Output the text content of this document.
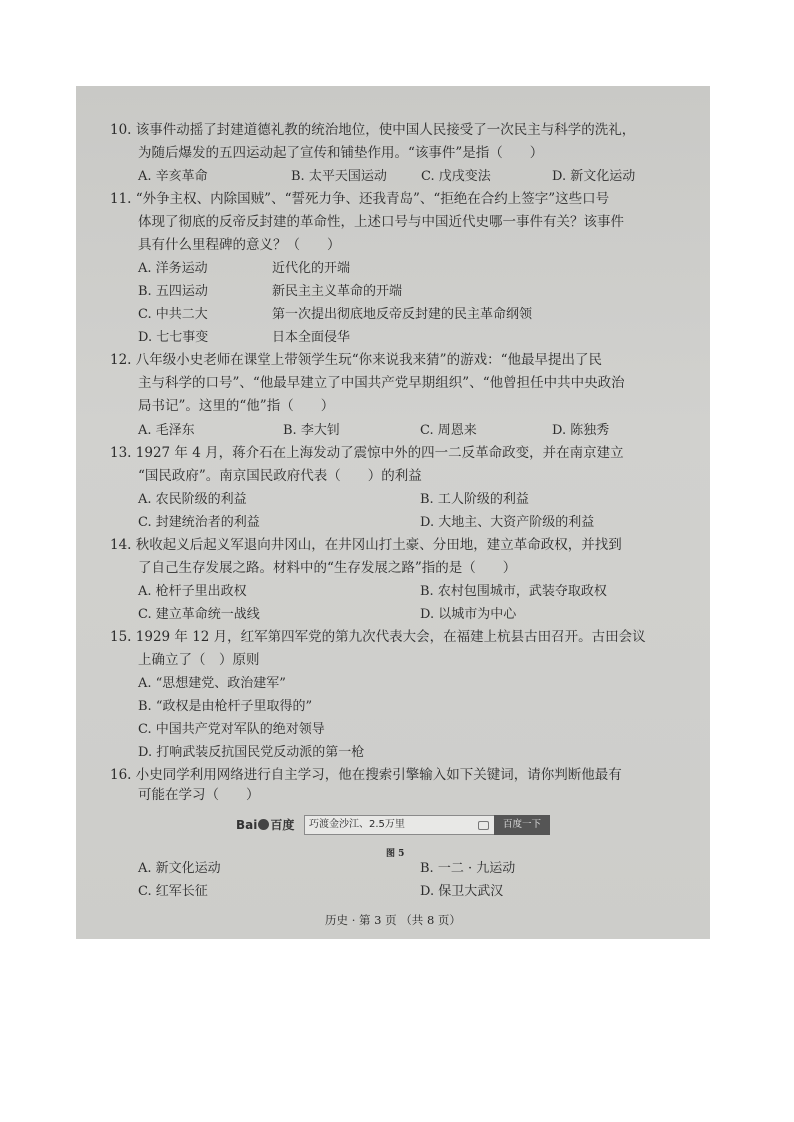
10. 该事件动摇了封建道德礼教的统治地位，使中国人民接受了一次民主与科学的洗礼，
为随后爆发的五四运动起了宣传和铺垫作用。“该事件”是指（　　）
A. 辛亥革命	B. 太平天国运动	C. 戊戌变法	D. 新文化运动
11. “外争主权、内除国贼”、“誓死力争、还我青岛”、“拒绝在合约上签字”这些口号
体现了彻底的反帝反封建的革命性，上述口号与中国近代史哪一事件有关？该事件
具有什么里程碑的意义？（　　）
A. 洋务运动	近代化的开端
B. 五四运动	新民主主义革命的开端
C. 中共二大	第一次提出彻底地反帝反封建的民主革命纲领
D. 七七事变	日本全面侵华
12. 八年级小史老师在课堂上带领学生玩“你来说我来猜”的游戏：“他最早提出了民
主与科学的口号”、“他最早建立了中国共产党早期组织”、“他曾担任中共中央政治
局书记”。这里的“他”指（　　）
A. 毛泽东	B. 李大钊	C. 周恩来	D. 陈独秀
13. 1927 年 4 月，蒋介石在上海发动了震惊中外的四一二反革命政变，并在南京建立
“国民政府”。南京国民政府代表（　　）的利益
A. 农民阶级的利益	B. 工人阶级的利益
C. 封建统治者的利益	D. 大地主、大资产阶级的利益
14. 秋收起义后起义军退向井冈山，在井冈山打土豪、分田地，建立革命政权，并找到
了自己生存发展之路。材料中的“生存发展之路”指的是（　　）
A. 枪杆子里出政权	B. 农村包围城市，武装夺取政权
C. 建立革命统一战线	D. 以城市为中心
15. 1929 年 12 月，红军第四军党的第九次代表大会，在福建上杭县古田召开。古田会议
上确立了（　）原则
A. “思想建党、政治建军”
B. “政权是由枪杆子里取得的”
C. 中国共产党对军队的绝对领导
D. 打响武装反抗国民党反动派的第一枪
16. 小史同学利用网络进行自主学习，他在搜索引擎输入如下关键词，请你判断他最有
可能在学习（　　）
Bai 百度	巧渡金沙江、2.5万里	百度一下
图 5
A. 新文化运动	B. 一二 · 九运动
C. 红军长征	D. 保卫大武汉
历史 · 第 3 页 （共 8 页）
